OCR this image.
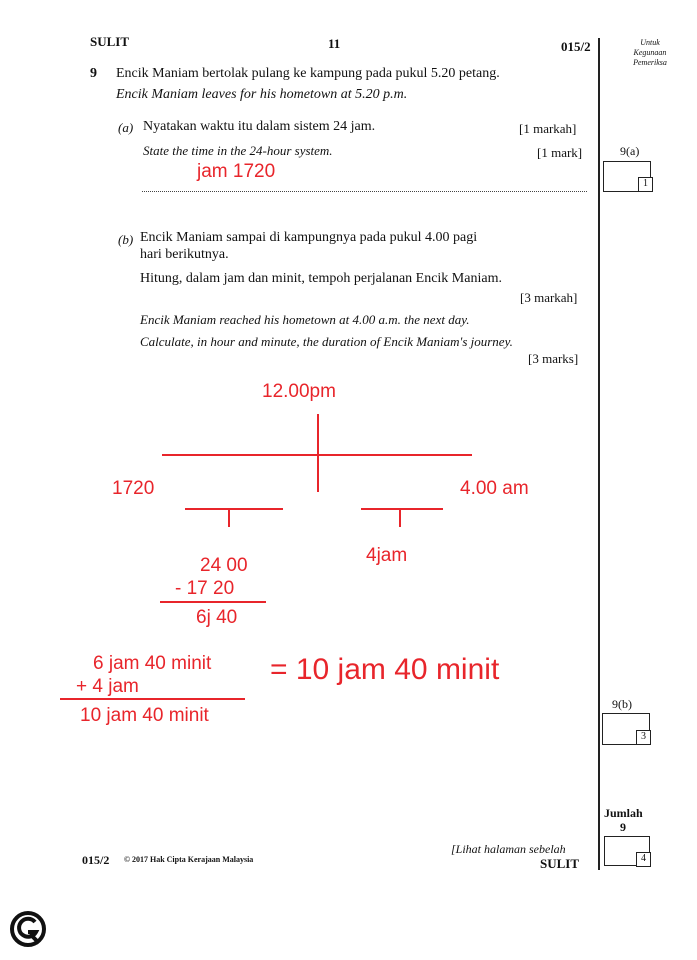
SULIT	11	015/2	Untuk
Kegunaan
Pemeriksa
9 Encik Maniam bertolak pulang ke kampung pada pukul 5.20 petang.
Encik Maniam leaves for his hometown at 5.20 p.m.
(a) Nyatakan waktu itu dalam sistem 24 jam.	[1 markah]
State the time in the 24-hour system.	[1 mark]
jam 1720
9(a)
1
(b) Encik Maniam sampai di kampungnya pada pukul 4.00 pagi
hari berikutnya.
Hitung, dalam jam dan minit, tempoh perjalanan Encik Maniam.
[3 markah]
Encik Maniam reached his hometown at 4.00 a.m. the next day.
Calculate, in hour and minute, the duration of Encik Maniam's journey.
[3 marks]
12.00pm
1720	4.00 am
4jam
24 00
- 17 20
6j 40
6 jam 40 minit
+ 4 jam
10 jam 40 minit
= 10 jam 40 minit
9(b)
3
Jumlah
9
4
015/2 © 2017 Hak Cipta Kerajaan Malaysia
[Lihat halaman sebelah
SULIT
